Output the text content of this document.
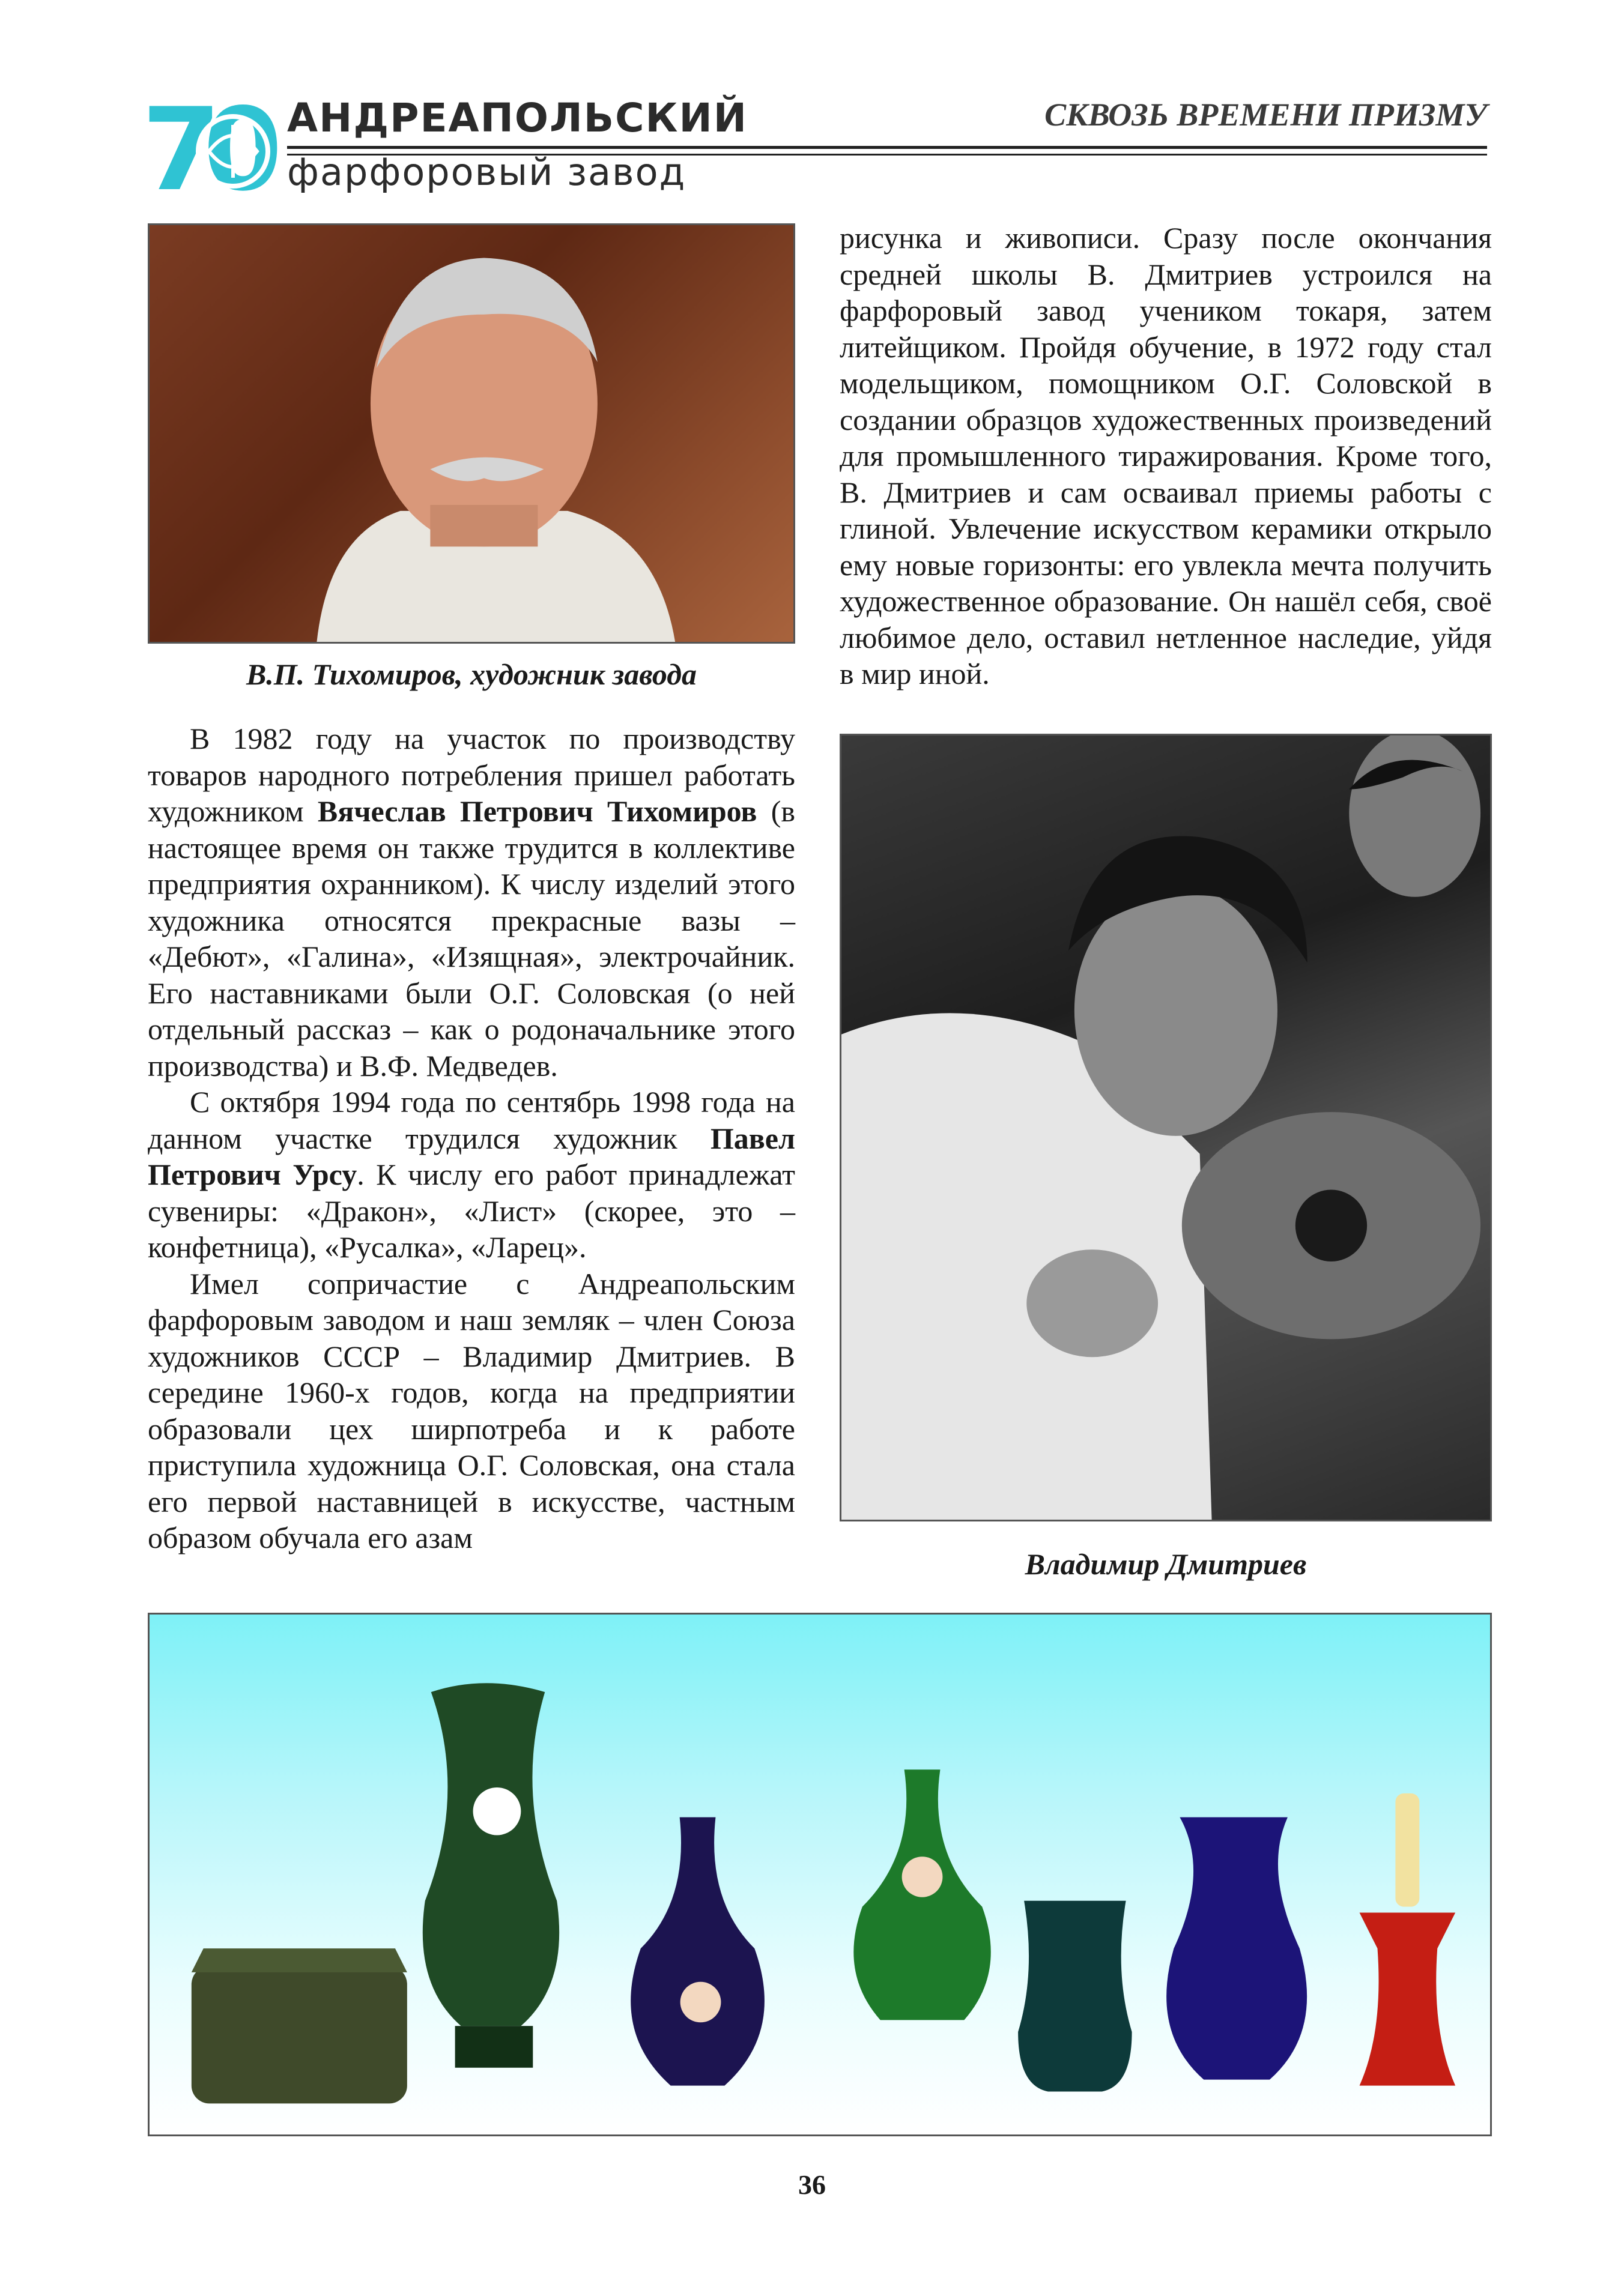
70 АНДРЕАПОЛЬСКИЙ
фарфоровый завод
СКВОЗЬ ВРЕМЕНИ ПРИЗМУ
В.П. Тихомиров, художник завода

В 1982 году на участок по производству товаров народного потребления пришел работать художником Вячеслав Петрович Тихомиров (в настоящее время он также трудится в коллективе предприятия охранником). К числу изделий этого художника относятся прекрасные вазы – «Дебют», «Галина», «Изящная», электрочайник. Его наставниками были О.Г. Соловская (о ней отдельный рассказ – как о родоначальнике этого производства) и В.Ф. Медведев.

С октября 1994 года по сентябрь 1998 года на данном участке трудился художник Павел Петрович Урсу. К числу его работ принадлежат сувениры: «Дракон», «Лист» (скорее, это – конфетница), «Русалка», «Ларец».

Имел сопричастие с Андреапольским фарфоровым заводом и наш земляк – член Союза художников СССР – Владимир Дмитриев. В середине 1960-х годов, когда на предприятии образовали цех ширпотреба и к работе приступила художница О.Г. Соловская, она стала его первой наставницей в искусстве, частным образом обучала его азам

рисунка и живописи. Сразу после окончания средней школы В. Дмитриев устроился на фарфоровый завод учеником токаря, затем литейщиком. Пройдя обучение, в 1972 году стал модельщиком, помощником О.Г. Соловской в создании образцов художественных произведений для промышленного тиражирования. Кроме того, В. Дмитриев и сам осваивал приемы работы с глиной. Увлечение искусством керамики открыло ему новые горизонты: его увлекла мечта получить художественное образование. Он нашёл себя, своё любимое дело, оставил нетленное наследие, уйдя в мир иной.

Владимир Дмитриев
36
